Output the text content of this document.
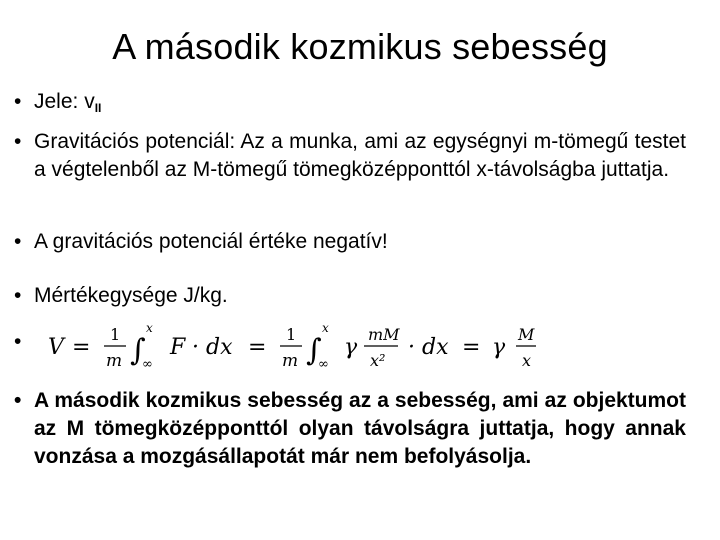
A második kozmikus sebesség

• Jele: $v_{II}$

• Gravitációs potenciál: Az a munka, ami az egységnyi m-tömegű testet a végtelenből az M-tömegű tömegközépponttól x-távolságba juttatja.

• A gravitációs potenciál értéke negatív!

• Mértékegysége J/kg.

• V =
1
m ∫
x
∞
F · dx =
1
m ∫
x
∞
γ
mM
x²
· dx = γ
M
x

• A második kozmikus sebesség az a sebesség, ami az objektumot az M tömegközépponttól olyan távolságra juttatja, hogy annak vonzása a mozgásállapotát már nem befolyásolja.
